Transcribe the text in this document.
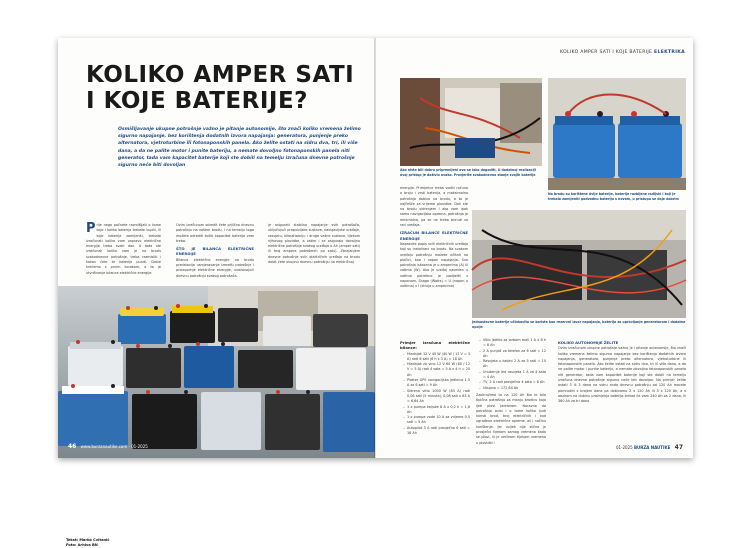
KOLIKO AMPER SATI
I KOJE BATERIJE?
Osmišljavanje ukupne potrošnje važno je pitanje autonomije, što znači koliko vremena želimo sigurno napajanje, bez korištenja dodatnih izvora napajanja: generatora, punjenje preko alternatora, vjetroturbine ili fotonaponskih panela. Ako želite ostati na sidru dva, tri, ili više dana, a da ne palite motor i punite bateriju, a nemate dovoljno fotonaponskih panela niti generator, tada vam kapacitet baterije koji ste dobili na temelju izračuna dnevne potrošnje sigurno neće biti dovoljan
P rije nego počnete razmišljati o tome koje i koliko baterija trebate kupiti, ili koje baterije zamijeniti, trebate izračunati koliko vam zapravo električne energije treba svaki dan. A tada ste izračunali koliko vam je na brodu svakodnevne potrošnje, treba razmisliti i kakav ćete te baterije puniti. Dakle krećemo s prvim korakom, a to je utvrđivanje bilance električne energije.
Ovim izračunom odredit ćete prilično dnevnu potrošnju na vašem brodu, i na temelju toga možete odrediti koliki kapacitet baterija vam treba.
ŠTO JE BILANCA ELEKTRIČNE ENERGIJE
Bilanca električne energije na brodu predstavlja usmjeravanje između potrošnje i proizvodnje električne energije, uvažavajući dnevnu potrošnju svakog potrošača.
je osigurati stabilno napajanje svih potrošača, uključujući propulzijske sustave, navigacijske uređaje, rasvjetu, klimatizaciju i druge važne sustave, tijekom njihovog plovidbe, a zatim i se osiguralo dovoljno električne potrošnje svakog uređaja u Ah (amper sati) ili broj ampera potrošenih po satu). Zbrajanjem dnevne potrošnje svih električnih uređaja na brodu dobit ćete ukupnu dnevnu potrošnju na električnoj
Tekst: Marko Cvitanić
Foto: Arhiva BN
46 www.burzanautike.com · 01-2025
KOLIKO AMPER SATI I KOJE BATERIJE ELEKTRIKA
Ako niste bili dobro pripremljeni ovo se lako dogoditi, U dodatnoj realizaciji ovaj pristup je doživio ovako. Provjerite svakodnevno stanje svojih baterija
Na brodu su korištene dvije baterije, baterije razbijene radijski i koji je trebalo zamijeniti podvodnu bateriju s novom, u pristupu se daje dobrim
energije. Primjerice treba voditi računa o broju i vrsti baterija, a maksimalna potrošnja dobiva na brodu, a to je najčešće za vrijeme plovidbe. Dok ste na brodu sidrenjem i ako vam ipak samo navigacijska oprema, potrošnja je minimalna, pa se ne treba brinuti za rad uređaja.
IZRAČUN BILANCE ELEKTRIČNE ENERGIJE
Napravite popis svih električnih uređaja koji su instalirani na brodu. Na svakom uređaju potrošnju možete očitati na pločici, kao i napon napajanja. Sva potrošnja iskazana je u amperima (A) ili vatima (W). Ako je uređaj naveden u vatima potrebno je podijeliti s naponom. Snaga (Watts) = U (napon u voltima) x I (struja u amperima)
Jednostavne baterije učinkovito se koriste kao rezervni izvor napajanja, baterija za upravljanje generatorom i dodatne opcije
Primjer izračuna električne bilance:
– Hladnjak 12 V 40 W (40 W / 12 V = 3 A) radi 6 sati (6 h x 3 A) = 18 Ah
– Hladnjak za vino 12 V 60 W (60 / 12 V = 5 A) radi 4 sata = 5 A x 4 h = 20 Ah
– Plotter GPS navigacijska jedinica 1.5 A za 6 sati = 9 Ah
– Sidreno vitlo 1000 W (83 A) radi 0,08 sati (5 minuta), 0,08 sati x 83 A = 6,64 Ah
– 1 x pumpa kaljuže 8 A x 0,2 h = 1,6 Ah
– 1 x pumpa vode 10 A za vrijeme 0,5 sati = 5 Ah
– Autopilot 3 A radi prosječno 6 sati = 18 Ah
– Vitlo jedrilo za jarbom mali 1 A x 8 h = 8 Ah
– 2 A punjač za telefon za 6 sati = 12 Ah
– Rasvjeta u kabini 2 A za 5 sati = 10 Ah
– Unutarnje led rasvjeta 1 A za 4 sata = 4 Ah
– TV, 2 A radi prosječno 4 sata = 8 Ah
– Ukupno = 172,64 Ah
Zaokružimo to na 120 Ah što bi bila tipična potrošnja za manju brodicu koja ljeti plovi Jadranom. Naravno da potrošnja ovisi i o tome koliko ljudi koristi brod, broj električnih i kod ugrađene električne opreme, ali i načinu korištenja. Jer uvijek nije slično je prosječni tijekom samog vremena kada se plovi, ili je većinom tijekom vremena u plovidbi i
KOLIKO AUTONOMIJE ŽELITE
Ovim izračunom ukupne potrošnje važno je i pitanje autonomije, što znači koliko vremena želimo sigurno napajanje bez korištenja dodatnih izvora napajanja, generatora, punjenje preko alternatora, vjetroturbine ili fotonaponskih panela. Ako želite ostati na sidru dva, tri ili više dana, a da ne palite motor i punite bateriju, a nemate dovoljno fotonaponskih panela niti generator, tada vam kapacitet baterije koji ste dobili na temelju izračuna dnevne potrošnje sigurno neće biti dovoljan. Na primjer želite ostati 3 ili 3 dana na sidru onda dnevnu potrošnju od 120 Ah morate pomnožiti s brojem dana pa dobivamo 2 x 120 Ah ili 3 x 120 Ah, a s obzirom na dubinu pražnjenja baterija trebat će vam 240 Ah za 2 dana, ili 360 Ah za tri dana
01-2025 BURZA NAUTIKE 47
